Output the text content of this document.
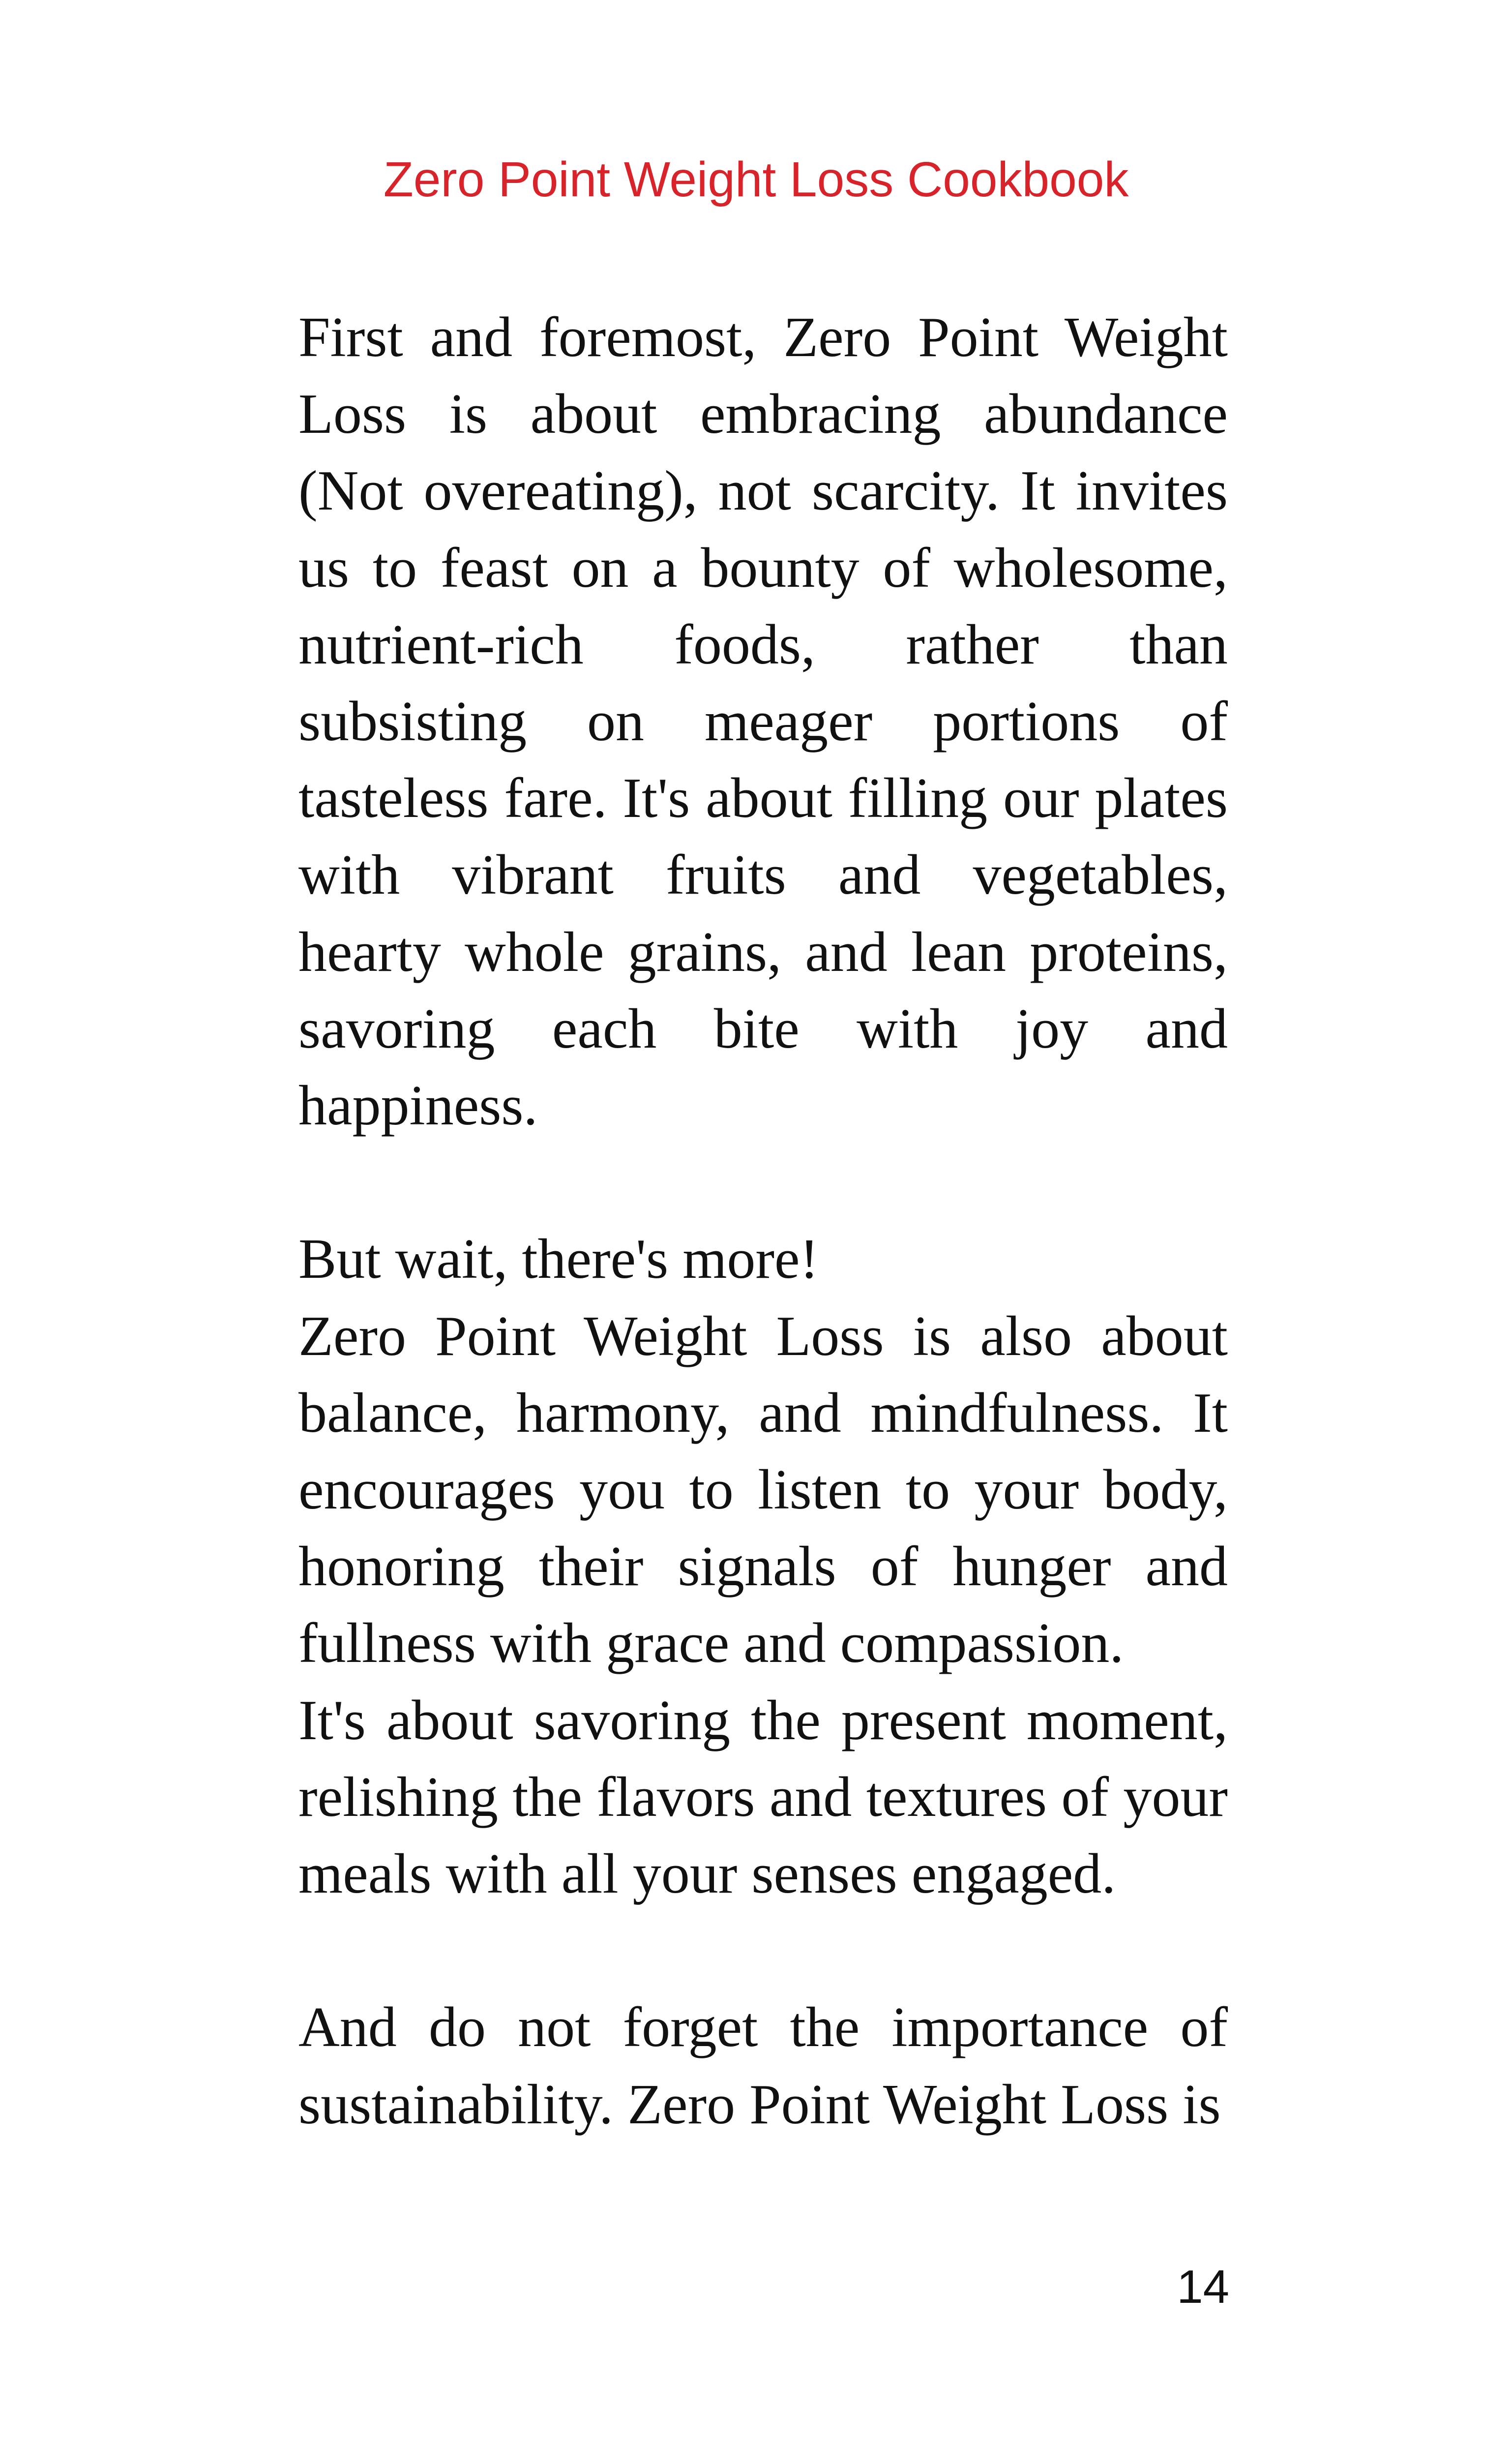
Zero Point Weight Loss Cookbook

First and foremost, Zero Point Weight Loss is about embracing abundance (Not overeating), not scarcity. It invites us to feast on a bounty of wholesome, nutrient-rich foods, rather than subsisting on meager portions of tasteless fare. It's about filling our plates with vibrant fruits and vegetables, hearty whole grains, and lean proteins, savoring each bite with joy and happiness.

But wait, there's more!

Zero Point Weight Loss is also about balance, harmony, and mindfulness. It encourages you to listen to your body, honoring their signals of hunger and fullness with grace and compassion.

It's about savoring the present moment, relishing the flavors and textures of your meals with all your senses engaged.

And do not forget the importance of sustainability. Zero Point Weight Loss is

14
